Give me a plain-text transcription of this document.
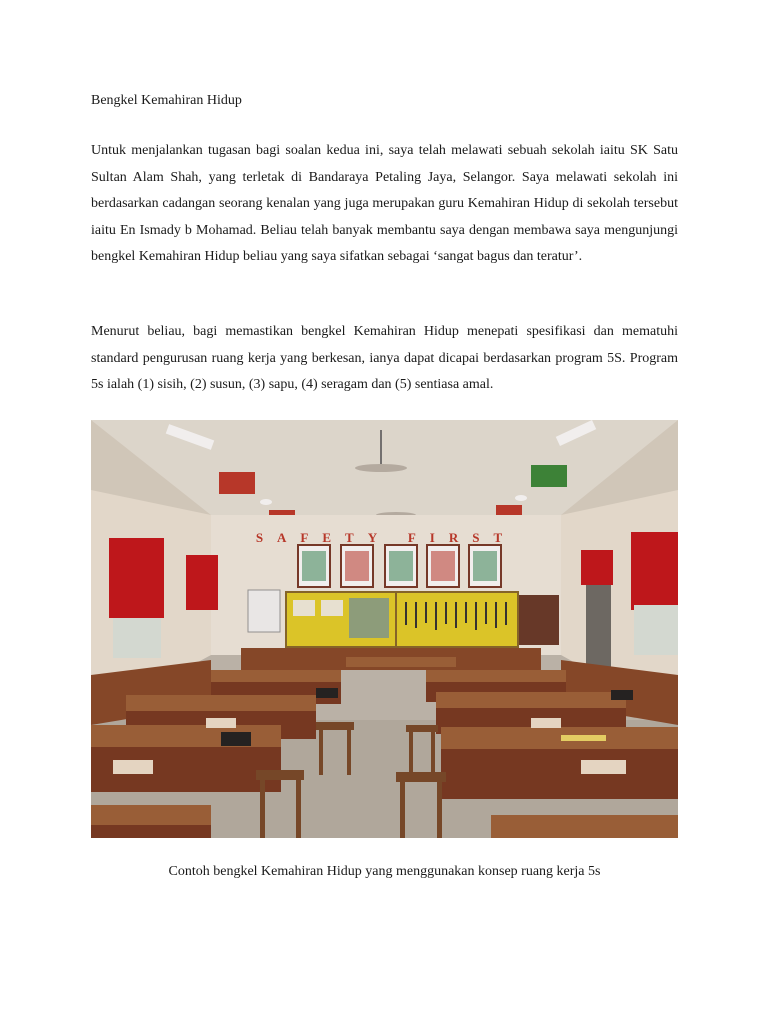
Bengkel Kemahiran Hidup

Untuk menjalankan tugasan bagi soalan kedua ini, saya telah melawati sebuah sekolah iaitu SK Satu Sultan Alam Shah, yang terletak di Bandaraya Petaling Jaya, Selangor. Saya melawati sekolah ini berdasarkan cadangan seorang kenalan yang juga merupakan guru Kemahiran Hidup di sekolah tersebut iaitu En Ismady b Mohamad. Beliau telah banyak membantu saya dengan membawa saya mengunjungi bengkel Kemahiran Hidup beliau yang saya sifatkan sebagai ‘sangat bagus dan teratur’.

Menurut beliau, bagi memastikan bengkel Kemahiran Hidup menepati spesifikasi dan mematuhi standard pengurusan ruang kerja yang berkesan, ianya dapat dicapai berdasarkan program 5S. Program 5s ialah (1) sisih, (2) susun, (3) sapu, (4) seragam dan (5) sentiasa amal.

SAFETY FIRST
Contoh bengkel Kemahiran Hidup yang menggunakan konsep ruang kerja 5s
